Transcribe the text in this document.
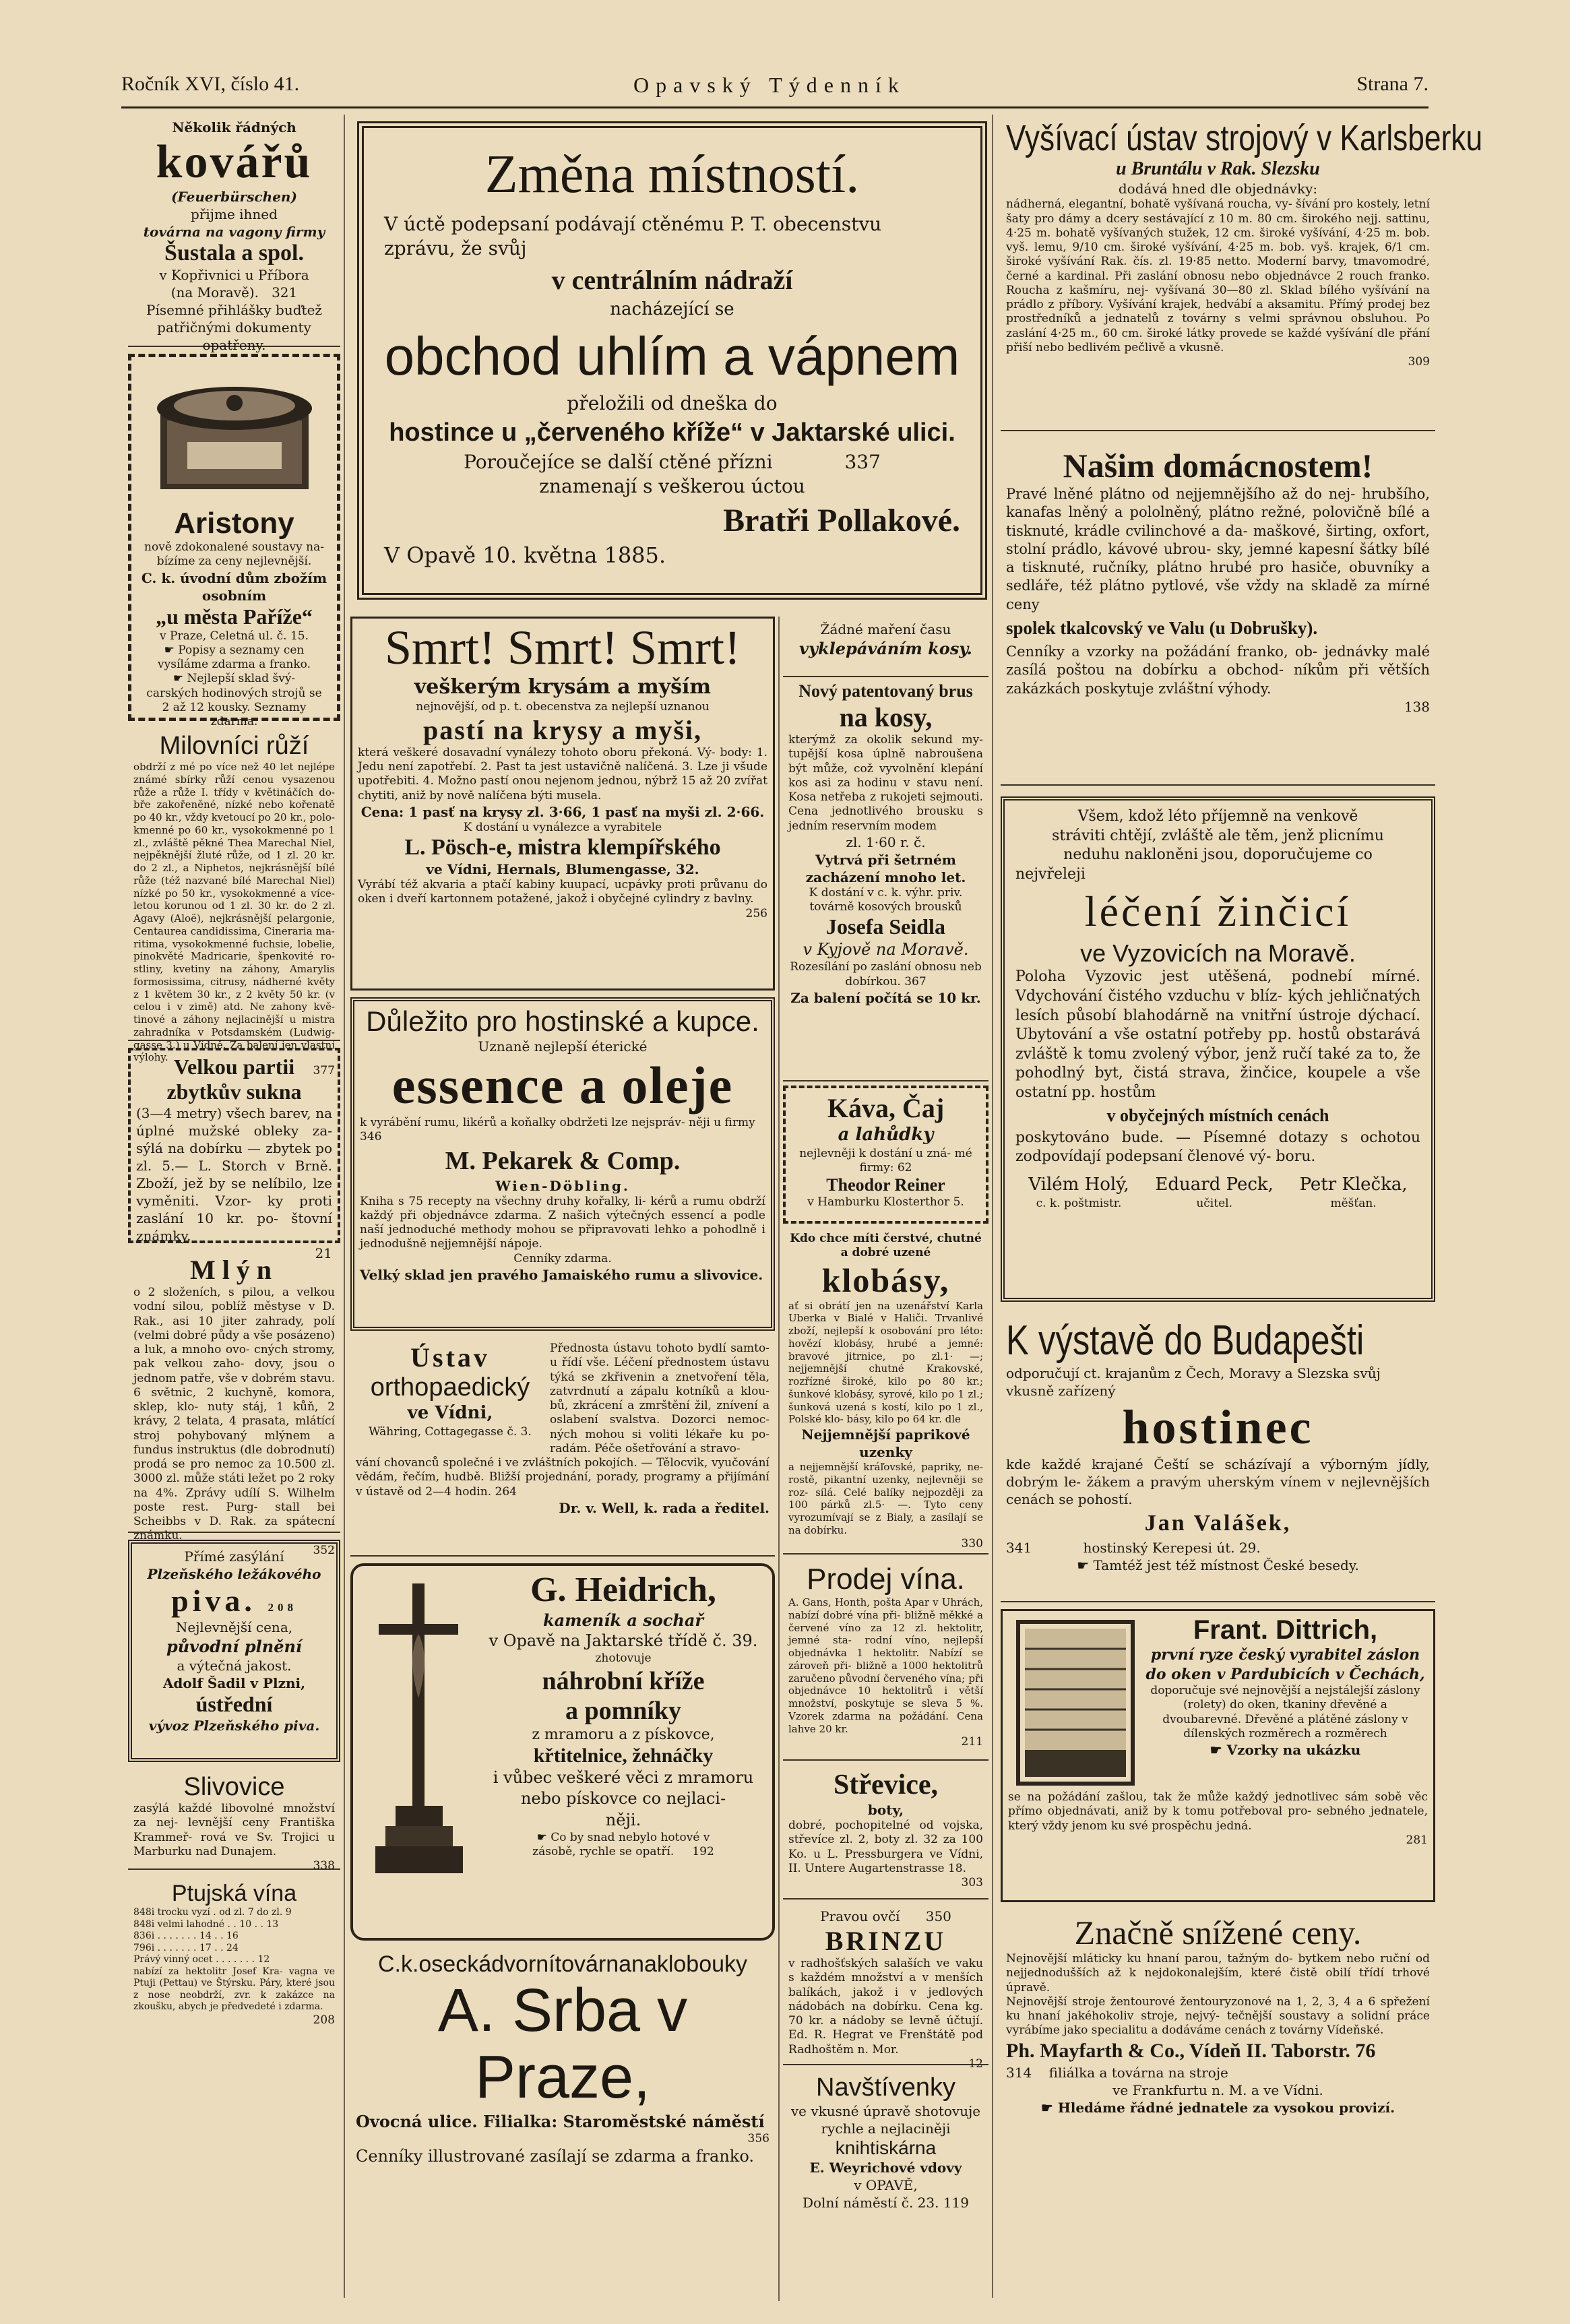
Ročník XVI, číslo 41.	Opavský Týdenník	Strana 7.

Několik řádných

kovářů

(Feuerbürschen)

přijme ihned

továrna na vagony firmy

Šustala a spol.

v Kopřivnici u Příbora

(na Moravě). 321

Písemné přihlášky buďtež

patřičnými dokumenty opatřeny.

Aristony

nově zdokonalené soustavy na-

bízíme za ceny nejlevnější.

C. k. úvodní dům zbožím osobním

„u města Paříže“

v Praze, Celetná ul. č. 15.

☛ Popisy a seznamy cen

vysíláme zdarma a franko.

☛ Nejlepší sklad švý-

carských hodinových strojů se

2 až 12 kousky. Seznamy

zdarma.

Milovníci růží

obdrží z mé po více než 40 let nejlépe známé sbírky růží cenou vysazenou růže a růže I. třídy v květináčích do- bře zakořeněné, nízké nebo kořenatě po 40 kr., vždy kvetoucí po 20 kr., polo- kmenné po 60 kr., vysokokmenné po 1 zl., zvláště pěkné Thea Marechal Niel, nejpěknější žluté růže, od 1 zl. 20 kr. do 2 zl., a Niphetos, nejkrásnější bílé růže (též nazvané bílé Marechal Niel) nízké po 50 kr., vysokokmenné a více- letou korunou od 1 zl. 30 kr. do 2 zl. Agavy (Aloë), nejkrásnější pelargonie, Centaurea candidissima, Cineraria ma- ritima, vysokokmenné fuchsie, lobelie, pinokvěté Madricarie, špenkovité ro- stliny, kvetiny na záhony, Amarylis formosissima, citrusy, nádherné květy z 1 květem 30 kr., z 2 květy 50 kr. (v celou i v zimě) atd. Ne zahony kvě- tinové a záhony nejlacinější u mistra zahradníka v Potsdamském (Ludwig- gasse 3.) u Vídně. Za balení jen vlastní výlohy.

377

Velkou partii

zbytkův sukna

(3—4 metry) všech barev, na úplné mužské obleky za- sýlá na dobírku — zbytek po zl. 5.— L. Storch v Brně. Zboží, jež by se nelíbilo, lze vyměniti. Vzor- ky proti zaslání 10 kr. po- štovní známky.

21

Mlýn

o 2 složeních, s pilou, a velkou vodní silou, poblíž městyse v D. Rak., asi 10 jiter zahrady, polí (velmi dobré půdy a vše posázeno) a luk, a mnoho ovo- cných stromy, pak velkou zaho- dovy, jsou o jednom patře, vše v dobrém stavu. 6 světnic, 2 kuchyně, komora, sklep, klo- nuty stáj, 1 kůň, 2 krávy, 2 telata, 4 prasata, mlátící stroj pohybovaný mlýnem a fundus instruktus (dle dobrodnutí) prodá se pro nemoc za 10.500 zl. 3000 zl. může státi ležet po 2 roky na 4%. Zprávy udílí S. Wilhelm poste rest. Purg- stall bei Scheibbs v D. Rak. za spátecní známku.

352

Přímé zasýlání

Plzeňského ležákového

piva. 208

Nejlevnější cena,

původní plnění

a výtečná jakost.

Adolf Šadil v Plzni,

ústřední

vývoz Plzeňského piva.

Slivovice

zasýlá každé libovolné množství za nej- levnější ceny Františka Krammeř- rová ve Sv. Trojici u Marburku nad Dunajem.

338

Ptujská vína

848i trocku vyzí . od zl. 7 do zl. 9

848i velmi lahodné . . 10 . . 13

836i . . . . . . . 14 . . 16

796i . . . . . . . 17 . . 24

Právý vinný ocet . . . . . . . 12

nabízí za hektolitr Josef Kra- vagna ve Ptuji (Pettau) ve Štýrsku. Páry, které jsou z nose neobdrží, zvr. k zakázce na zkoušku, abych je předvedeté i zdarma.

208

Změna místností.

V úctě podepsaní podávají ctěnému P. T. obecenstvu

zprávu, že svůj

v centrálním nádraží

nacházející se

obchod uhlím a vápnem

přeložili od dneška do

hostince u „červeného kříže“ v Jaktarské ulici.

Poroučejíce se další ctěné přízni	337

znamenají s veškerou úctou

Bratři Pollakové.

V Opavě 10. května 1885.

Smrt! Smrt! Smrt!

veškerým krysám a myším

nejnovější, od p. t. obecenstva za nejlepší uznanou

pastí na krysy a myši,

která veškeré dosavadní vynálezy tohoto oboru překoná. Vý- body: 1. Jedu není zapotřebí. 2. Past ta jest ustavičně nalíčená. 3. Lze ji všude upotřebiti. 4. Možno pastí onou nejenom jednou, nýbrž 15 až 20 zvířat chytiti, aniž by nově nalíčena býti musela.

Cena: 1 pasť na krysy zl. 3·66, 1 pasť na myši zl. 2·66.

K dostání u vynálezce a vyrabitele

L. Pösch-e, mistra klempířského

ve Vídni, Hernals, Blumengasse, 32.

Vyrábí též akvaria a ptačí kabiny kuupací, ucpávky proti průvanu do oken i dveří kartonnem potažené, jakož i obyčejné cylindry z bavlny.

256

Důležito pro hostinské a kupce.

Uznaně nejlepší éterické

essence a oleje

k vyrábění rumu, likérů a koňalky obdržeti lze nejspráv- něji u firmy 346

M. Pekarek & Comp.

Wien-Döbling.

Kniha s 75 recepty na všechny druhy kořalky, li- kérů a rumu obdrží každý při objednávce zdarma. Z našich výtečných essencí a podle naší jednoduché methody mohou se připravovati lehko a pohodlně i jednodušně nejjemnější nápoje.

Cenníky zdarma.

Velký sklad jen pravého Jamaiského rumu a slivovice.

Ústav

orthopaedický

ve Vídni,

Währing, Cottagegasse č. 3.

Přednosta ústavu tohoto bydlí samto- u řídí vše. Léčení přednostem ústavu týká se zkřivenin a znetvoření těla, zatvrdnutí a zápalu kotníků a klou- bů, zkrácení a zmrštění žil, znívení a oslabení svalstva. Dozorci nemoc- ných mohou si voliti lékaře ku po- radám. Péče ošetřování a stravo-

vání chovanců společné i ve zvláštních pokojích. — Tělocvik, vyučování vědám, řečím, hudbě. Bližší projednání, porady, programy a přijímání v ústavě od 2—4 hodin. 264

Dr. v. Well, k. rada a ředitel.

G. Heidrich,

kameník a sochař

v Opavě na Jaktarské třídě č. 39.

zhotovuje

náhrobní kříže

a pomníky

z mramoru a z pískovce,

křtitelnice, žehnáčky

i vůbec veškeré věci z mramoru

nebo pískovce co nejlaci-

něji.

☛ Co by snad nebylo hotové v

zásobě, rychle se opatří. 192

C.k.oseckádvornítovárnanaklobouky

A. Srba v Praze,

Ovocná ulice. Filialka: Staroměstské náměstí

356

Cenníky illustrované zasílají se zdarma a franko.

Žádné maření času

vyklepáváním kosy.

Nový patentovaný brus

na kosy,

kterýmž za okolik sekund my- tupější kosa úplně nabroušena být může, což vyvolnění klepání kos asi za hodinu v stavu není. Kosa netřeba z rukojeti sejmouti. Cena jednotlivého brousku s jedním reservním modem

zl. 1·60 r. č.

Vytrvá při šetrném zacházení mnoho let.

K dostání v c. k. výhr. priv. továrně kosových brousků

Josefa Seidla

v Kyjově na Moravě.

Rozesílání po zaslání obnosu neb dobírkou. 367

Za balení počítá se 10 kr.

Káva, Čaj

a lahůdky

nejlevněji k dostání u zná- mé firmy: 62

Theodor Reiner

v Hamburku Klosterthor 5.

Kdo chce míti čerstvé, chutné a dobré uzené

klobásy,

ať si obrátí jen na uzenářství Karla Uberka v Bialé v Haliči. Trvanlivé zboží, nejlepší k osobování pro léto: hovězí klobásy, hrubé a jemné: bravové jitrnice, po zl.1· —; nejjemnější chutné Krakovské, rozřízné široké, kilo po 80 kr.; šunkové klobásy, syrové, kilo po 1 zl.; šunková uzená s kostí, kilo po 1 zl., Polské klo- básy, kilo po 64 kr. dle

Nejjemnější paprikové uzenky

a nejjemnější kráľovské, papriky, ne- rostě, pikantní uzenky, nejlevněji se roz- sílá. Celé balíky nejpozději za 100 párků zl.5· —. Tyto ceny vyrozumívají se z Bialy, a zasílají se na dobírku.

330

Prodej vína.

A. Gans, Honth, pošta Apar v Uhrách, nabízí dobré vína při- bližně měkké a červené víno za 12 zl. hektolitr, jemné sta- rodní víno, nejlepší objednávka 1 hektolitr. Nabízí se zároveň při- bližně a 1000 hektolitrů zaručeno původní červeného vína; při objednávce 10 hektolitrů i větší množství, poskytuje se sleva 5 %. Vzorek zdarma na požádání. Cena lahve 20 kr.

211

Střevice,

boty,

dobré, pochopitelné od vojska, střevíce zl. 2, boty zl. 32 za 100 Ko. u L. Pressburgera ve Vídni, II. Untere Augartenstrasse 18.

303

Pravou ovčí 350

BRINZU

v radhošťských salaších ve vaku s každém množství a v menších balíkách, jakož i v jedlových nádobách na dobírku. Cena kg. 70 kr. a nádoby se levně účtují. Ed. R. Hegrat ve Frenštátě pod Radhoštěm n. Mor.

12

Navštívenky

ve vkusné úpravě shotovuje

rychle a nejlaciněji

knihtiskárna

E. Weyrichové vdovy

v OPAVĚ,

Dolní náměstí č. 23. 119

Vyšívací ústav strojový v Karlsberku

u Bruntálu v Rak. Slezsku

dodává hned dle objednávky:

nádherná, elegantní, bohatě vyšívaná roucha, vy- šívání pro kostely, letní šaty pro dámy a dcery sestávající z 10 m. 80 cm. širokého nejj. sattinu, 4·25 m. bohatě vyšívaných stužek, 12 cm. široké vyšívání, 4·25 m. bob. vyš. lemu, 9/10 cm. široké vyšívání, 4·25 m. bob. vyš. krajek, 6/1 cm. široké vyšívání Rak. čís. zl. 19·85 netto. Moderní barvy, tmavomodré, černé a kardinal. Při zaslání obnosu nebo objednávce 2 rouch franko. Roucha z kašmíru, nej- vyšívaná 30—80 zl. Sklad bílého vyšívání na prádlo z příbory. Vyšívání krajek, hedvábí a aksamitu. Přímý prodej bez prostředníků a jednatelů z továrny s velmi správnou obsluhou. Po zaslání 4·25 m., 60 cm. široké látky provede se každé vyšívání dle přání přiší nebo bedlivém pečlivě a vkusně.

309

Našim domácnostem!

Pravé lněné plátno od nejjemnějšího až do nej- hrubšího, kanafas lněný a pololněný, plátno režné, polovičně bílé a tisknuté, krádle cvilinchové a da- maškové, širting, oxfort, stolní prádlo, kávové ubrou- sky, jemné kapesní šátky bílé a tisknuté, ručníky, plátno hrubé pro hasiče, obuvníky a sedláře, též plátno pytlové, vše vždy na skladě za mírné ceny

spolek tkalcovský ve Valu (u Dobrušky).

Cenníky a vzorky na požádání franko, ob- jednávky malé zasílá poštou na dobírku a obchod- níkům při větších zakázkách poskytuje zvláštní výhody.

138

Všem, kdož léto příjemně na venkově

stráviti chtějí, zvláště ale těm, jenž plicnímu

neduhu nakloněni jsou, doporučujeme co

nejvřeleji

léčení žinčicí

ve Vyzovicích na Moravě.

Poloha Vyzovic jest utěšená, podnebí mírné. Vdychování čistého vzduchu v blíz- kých jehličnatých lesích působí blahodárně na vnitřní ústroje dýchací. Ubytování a vše ostatní potřeby pp. hostů obstarává zvláště k tomu zvolený výbor, jenž ručí také za to, že pohodlný byt, čistá strava, žinčice, koupele a vše ostatní pp. hostům

v obyčejných místních cenách

poskytováno bude. — Písemné dotazy s ochotou zodpovídají podepsaní členové vý- boru.

Vilém Holý,

c. k. poštmistr.

Eduard Peck,

učitel.

Petr Klečka,

měšťan.

K výstavě do Budapešti

odporučují ct. krajanům z Čech, Moravy a Slezska svůj vkusně zařízený

hostinec

kde každé krajané Čeští se scházívají a výborným jídly, dobrým le- žákem a pravým uherským vínem v nejlevnějších cenách se pohostí.

Jan Valášek,

341	hostinský Kerepesi út. 29.

☛ Tamtéž jest též místnost České besedy.

Frant. Dittrich,

první ryze český vyrabitel záslon

do oken v Pardubicích v Čechách,

doporučuje své nejnovější a nejstálejší záslony (rolety) do oken, tkaniny dřevěné a dvoubarevné. Dřevěné a plátěné záslony v dílenských rozměrech a rozměrech

☛ Vzorky na ukázku

se na požádání zašlou, tak že může každý jednotlivec sám sobě věc přímo objednávati, aniž by k tomu potřeboval pro- sebného jednatele, který vždy jenom ku své prospěchu jedná.

281

Značně snížené ceny.

Nejnovější mláticky ku hnaní parou, tažným do- bytkem nebo ruční od nejjednodušších až k nejdokonalejším, které čistě obilí třídí trhové úpravě.

Nejnovější stroje žentourové žentouryzonové na 1, 2, 3, 4 a 6 spřežení ku hnaní jakéhokoliv stroje, nejvý- tečnější soustavy a solidní práce vyrábíme jako specialitu a dodáváme cenách z továrny Vídeňské.

Ph. Mayfarth & Co., Vídeň II. Taborstr. 76

314 filiálka a továrna na stroje

ve Frankfurtu n. M. a ve Vídni.

☛ Hledáme řádné jednatele za vysokou provizí.
